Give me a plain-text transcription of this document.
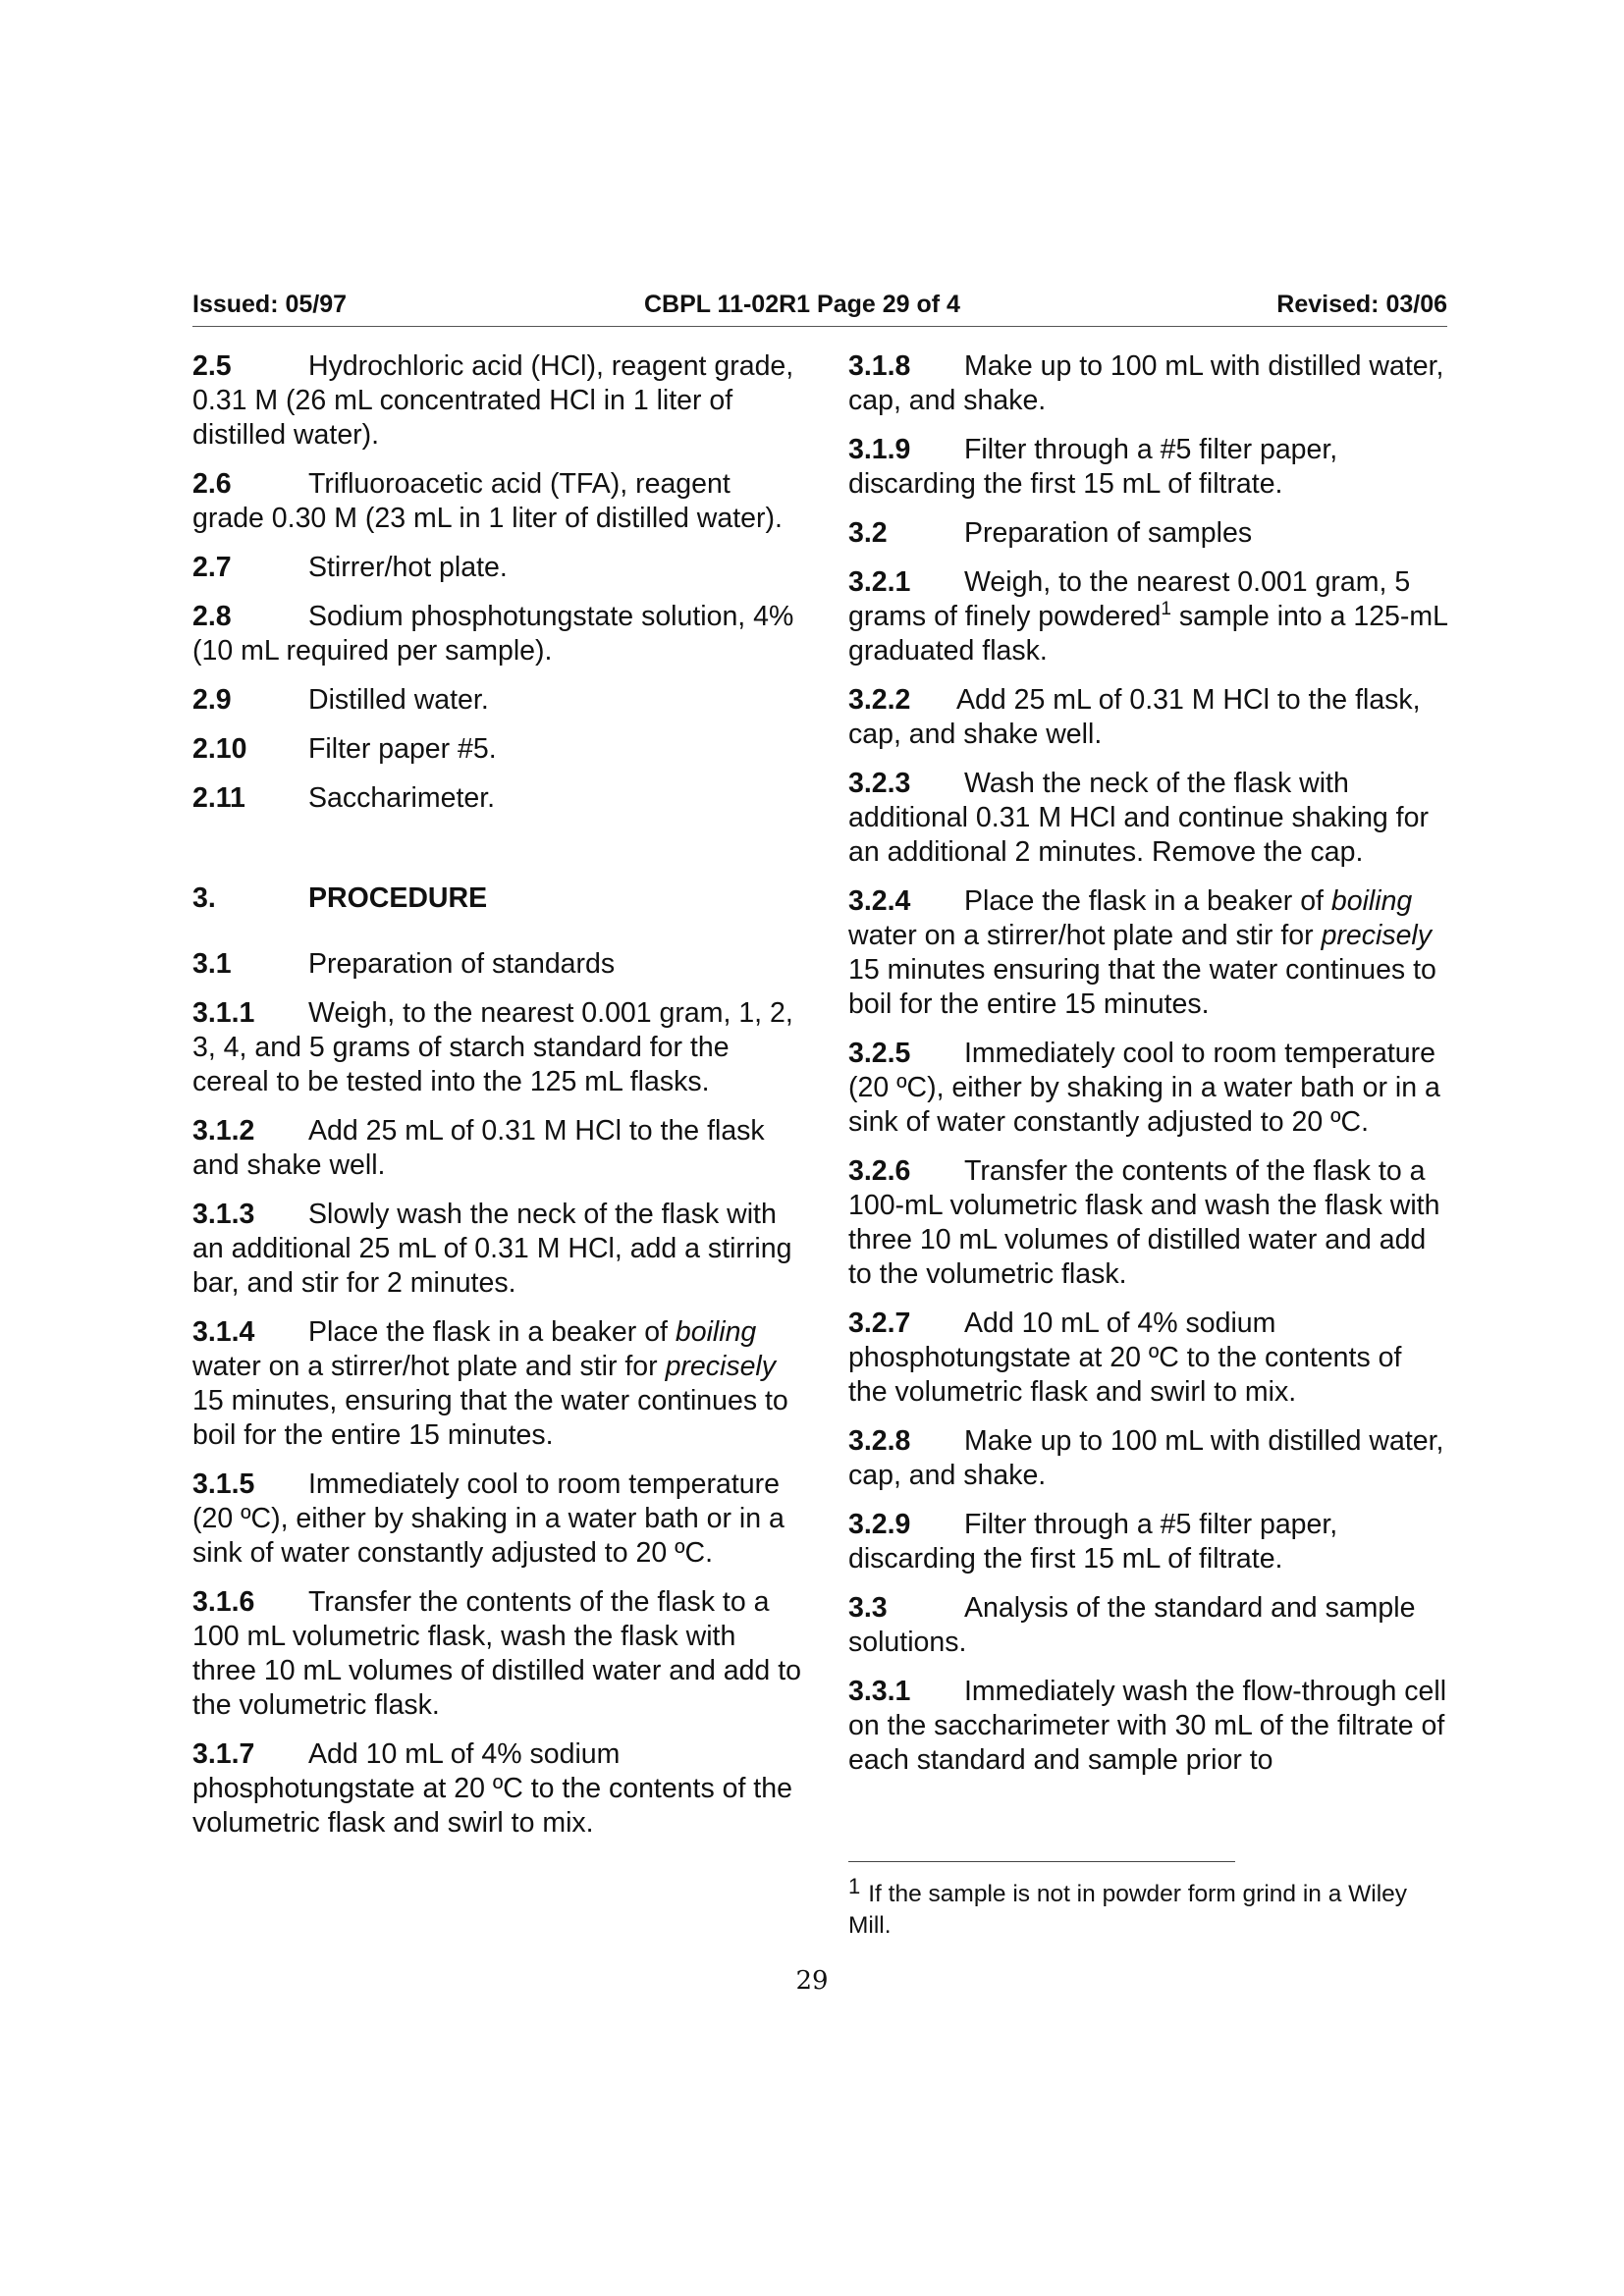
Issued: 05/97	CBPL 11-02R1 Page 29 of 4	Revised: 03/06

2.5	Hydrochloric acid (HCl), reagent grade, 0.31 M (26 mL concentrated HCl in 1 liter of distilled water).

2.6	Trifluoroacetic acid (TFA), reagent grade 0.30 M (23 mL in 1 liter of distilled water).

2.7	Stirrer/hot plate.

2.8	Sodium phosphotungstate solution, 4% (10 mL required per sample).

2.9	Distilled water.

2.10 Filter paper #5.

2.11 Saccharimeter.

3.	PROCEDURE

3.1	Preparation of standards

3.1.1 Weigh, to the nearest 0.001 gram, 1, 2, 3, 4, and 5 grams of starch standard for the cereal to be tested into the 125 mL flasks.

3.1.2 Add 25 mL of 0.31 M HCl to the flask and shake well.

3.1.3 Slowly wash the neck of the flask with an additional 25 mL of 0.31 M HCl, add a stirring bar, and stir for 2 minutes.

3.1.4 Place the flask in a beaker of boiling water on a stirrer/hot plate and stir for precisely 15 minutes, ensuring that the water continues to boil for the entire 15 minutes.

3.1.5 Immediately cool to room temperature (20 ºC), either by shaking in a water bath or in a sink of water constantly adjusted to 20 ºC.

3.1.6 Transfer the contents of the flask to a 100 mL volumetric flask, wash the flask with three 10 mL volumes of distilled water and add to the volumetric flask.

3.1.7 Add 10 mL of 4% sodium phosphotungstate at 20 ºC to the contents of the volumetric flask and swirl to mix.

3.1.8 Make up to 100 mL with distilled water, cap, and shake.

3.1.9 Filter through a #5 filter paper, discarding the first 15 mL of filtrate.

3.2	Preparation of samples

3.2.1 Weigh, to the nearest 0.001 gram, 5 grams of finely powdered$^1$ sample into a 125-mL graduated flask.

3.2.2 Add 25 mL of 0.31 M HCl to the flask, cap, and shake well.

3.2.3 Wash the neck of the flask with additional 0.31 M HCl and continue shaking for an additional 2 minutes. Remove the cap.

3.2.4 Place the flask in a beaker of boiling water on a stirrer/hot plate and stir for precisely 15 minutes ensuring that the water continues to boil for the entire 15 minutes.

3.2.5 Immediately cool to room temperature (20 ºC), either by shaking in a water bath or in a sink of water constantly adjusted to 20 ºC.

3.2.6 Transfer the contents of the flask to a 100-mL volumetric flask and wash the flask with three 10 mL volumes of distilled water and add to the volumetric flask.

3.2.7 Add 10 mL of 4% sodium phosphotungstate at 20 ºC to the contents of the volumetric flask and swirl to mix.

3.2.8 Make up to 100 mL with distilled water, cap, and shake.

3.2.9 Filter through a #5 filter paper, discarding the first 15 mL of filtrate.

3.3	Analysis of the standard and sample solutions.

3.3.1 Immediately wash the flow-through cell on the saccharimeter with 30 mL of the filtrate of each standard and sample prior to

1 If the sample is not in powder form grind in a Wiley Mill.
29
